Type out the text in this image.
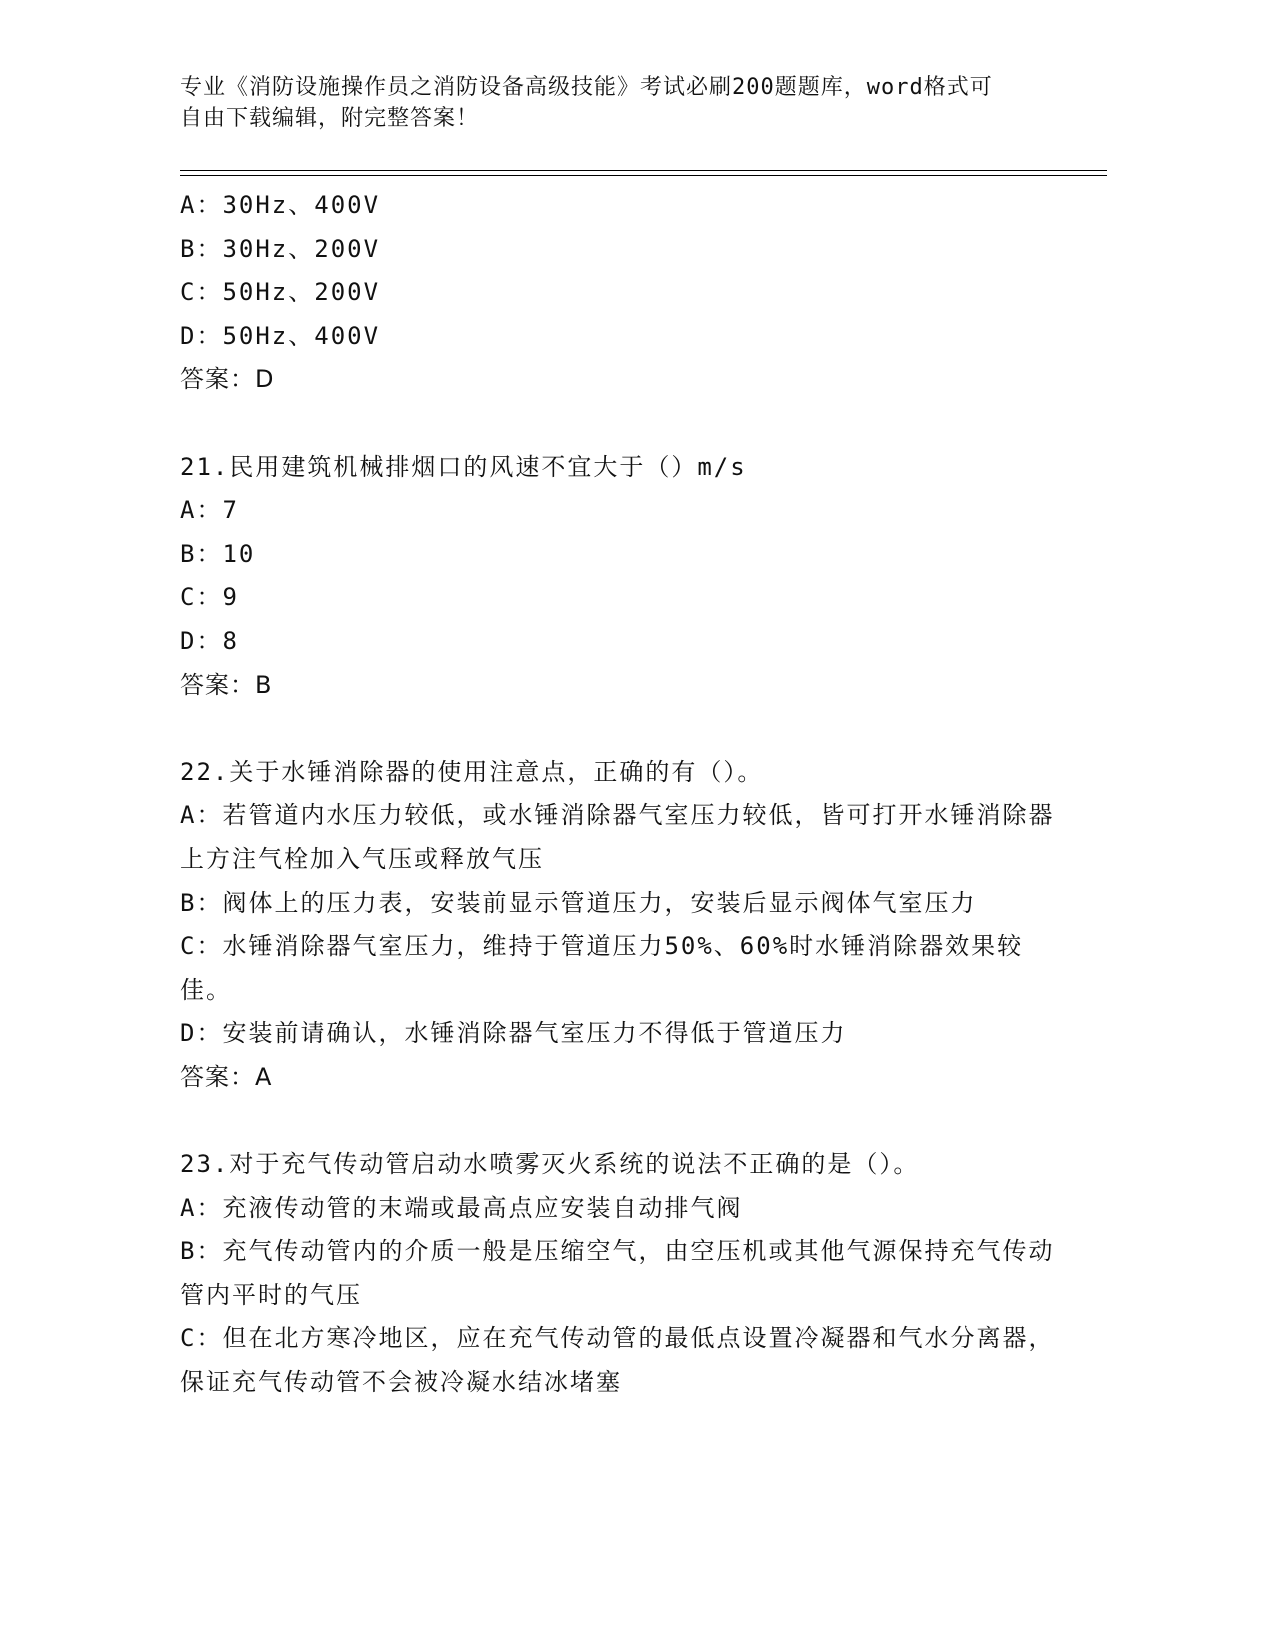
专业《消防设施操作员之消防设备高级技能》考试必刷200题题库，word格式可
自由下载编辑，附完整答案！
A：30Hz、400V
B：30Hz、200V
C：50Hz、200V
D：50Hz、400V
答案：D
21.民用建筑机械排烟口的风速不宜大于（）m/s
A：7
B：10
C：9
D：8
答案：B
22.关于水锤消除器的使用注意点，正确的有（）。
A：若管道内水压力较低，或水锤消除器气室压力较低，皆可打开水锤消除器上方注气栓加入气压或释放气压
B：阀体上的压力表，安装前显示管道压力，安装后显示阀体气室压力
C：水锤消除器气室压力，维持于管道压力50%、60%时水锤消除器效果较佳。
D：安装前请确认，水锤消除器气室压力不得低于管道压力
答案：A
23.对于充气传动管启动水喷雾灭火系统的说法不正确的是（）。
A：充液传动管的末端或最高点应安装自动排气阀
B：充气传动管内的介质一般是压缩空气，由空压机或其他气源保持充气传动管内平时的气压
C：但在北方寒冷地区，应在充气传动管的最低点设置冷凝器和气水分离器，保证充气传动管不会被冷凝水结冰堵塞
